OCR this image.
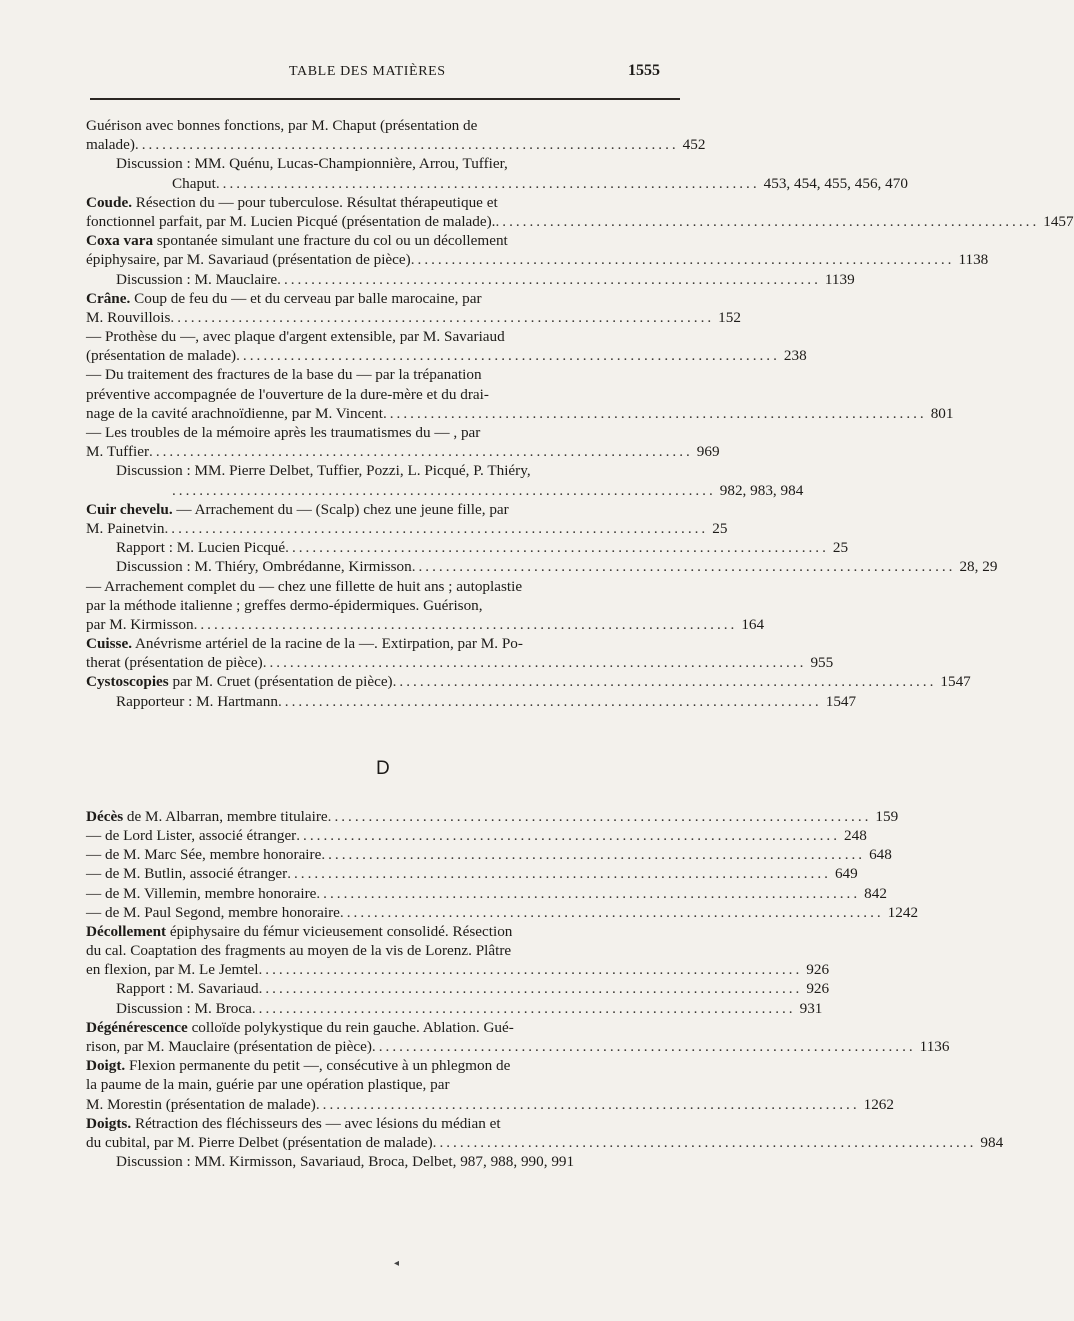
TABLE DES MATIÈRES	1555
Guérison avec bonnes fonctions, par M. Chaput (présentation de
malade) ................................................................................ 452
Discussion : MM. Quénu, Lucas-Championnière, Arrou, Tuffier,
Chaput ................................................................................ 453, 454, 455, 456, 470
Coude. Résection du — pour tuberculose. Résultat thérapeutique et
fonctionnel parfait, par M. Lucien Picqué (présentation de malade). ................................................................................ 1457
Coxa vara spontanée simulant une fracture du col ou un décollement
épiphysaire, par M. Savariaud (présentation de pièce) ................................................................................ 1138
Discussion : M. Mauclaire ................................................................................ 1139
Crâne. Coup de feu du — et du cerveau par balle marocaine, par
M. Rouvillois ................................................................................ 152
— Prothèse du —, avec plaque d'argent extensible, par M. Savariaud
(présentation de malade) ................................................................................ 238
— Du traitement des fractures de la base du — par la trépanation
préventive accompagnée de l'ouverture de la dure-mère et du drai-
nage de la cavité arachnoïdienne, par M. Vincent ................................................................................ 801
— Les troubles de la mémoire après les traumatismes du — , par
M. Tuffier ................................................................................ 969
Discussion : MM. Pierre Delbet, Tuffier, Pozzi, L. Picqué, P. Thiéry,
................................................................................ 982, 983, 984
Cuir chevelu. — Arrachement du — (Scalp) chez une jeune fille, par
M. Painetvin ................................................................................ 25
Rapport : M. Lucien Picqué ................................................................................ 25
Discussion : M. Thiéry, Ombrédanne, Kirmisson ................................................................................ 28, 29
— Arrachement complet du — chez une fillette de huit ans ; autoplastie
par la méthode italienne ; greffes dermo-épidermiques. Guérison,
par M. Kirmisson ................................................................................ 164
Cuisse. Anévrisme artériel de la racine de la —. Extirpation, par M. Po-
therat (présentation de pièce) ................................................................................ 955
Cystoscopies par M. Cruet (présentation de pièce) ................................................................................ 1547
Rapporteur : M. Hartmann ................................................................................ 1547
Décès de M. Albarran, membre titulaire ................................................................................ 159
— de Lord Lister, associé étranger ................................................................................ 248
— de M. Marc Sée, membre honoraire ................................................................................ 648
— de M. Butlin, associé étranger ................................................................................ 649
— de M. Villemin, membre honoraire ................................................................................ 842
— de M. Paul Segond, membre honoraire ................................................................................ 1242
Décollement épiphysaire du fémur vicieusement consolidé. Résection
du cal. Coaptation des fragments au moyen de la vis de Lorenz. Plâtre
en flexion, par M. Le Jemtel ................................................................................ 926
Rapport : M. Savariaud ................................................................................ 926
Discussion : M. Broca ................................................................................ 931
Dégénérescence colloïde polykystique du rein gauche. Ablation. Gué-
rison, par M. Mauclaire (présentation de pièce) ................................................................................ 1136
Doigt. Flexion permanente du petit —, consécutive à un phlegmon de
la paume de la main, guérie par une opération plastique, par
M. Morestin (présentation de malade) ................................................................................ 1262
Doigts. Rétraction des fléchisseurs des — avec lésions du médian et
du cubital, par M. Pierre Delbet (présentation de malade) ................................................................................ 984
Discussion : MM. Kirmisson, Savariaud, Broca, Delbet, 987, 988, 990, 991
D
◂
